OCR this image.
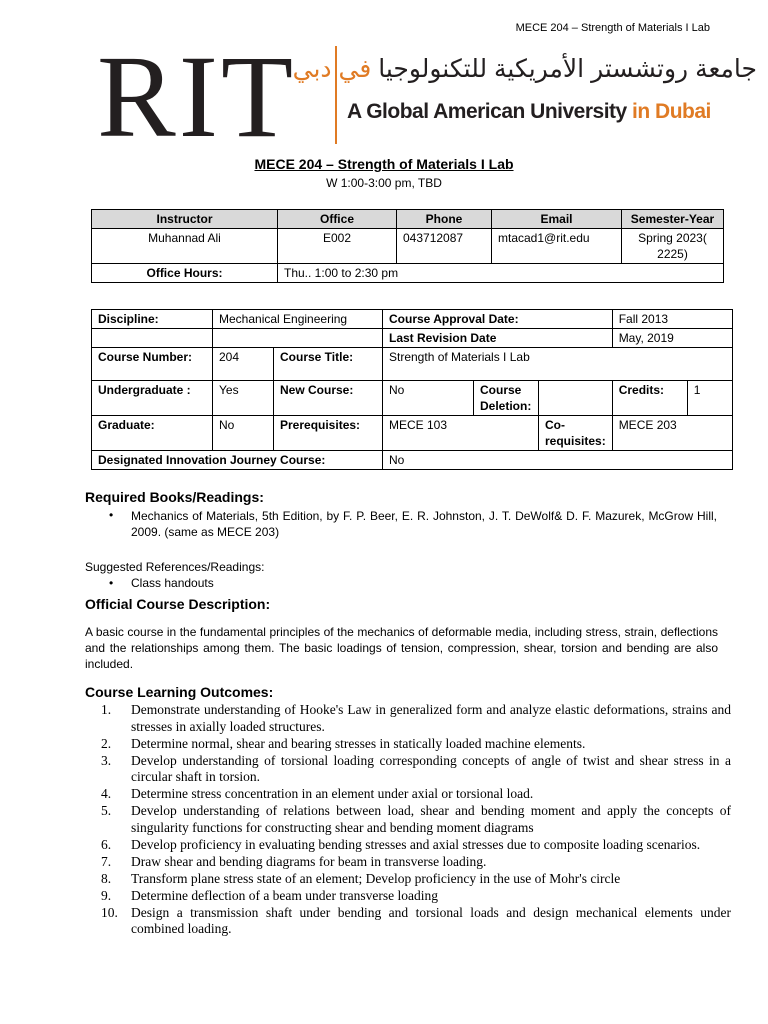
MECE 204 – Strength of Materials I Lab
RIT	جامعة روتشستر الأمريكية للتكنولوجيا في دبي
A Global American University in Dubai
MECE 204 – Strength of Materials I Lab
W 1:00-3:00 pm, TBD
Instructor	Office	Phone	Email	Semester-Year
Muhannad Ali	E002	043712087	mtacad1@rit.edu	Spring 2023( 2225)
Office Hours:	Thu.. 1:00 to 2:30 pm			
Discipline:	Mechanical Engineering		Course Approval Date:			Fall 2013	
			Last Revision Date			May, 2019	
Course Number:	204	Course Title:	Strength of Materials I Lab				
Undergraduate :	Yes	New Course:	No	Course Deletion:		Credits:	1
Graduate:	No	Prerequisites:	MECE 103		Co-requisites:	MECE 203	
Designated Innovation Journey Course:			No				
Required Books/Readings:
•	Mechanics of Materials, 5th Edition, by F. P. Beer, E. R. Johnston, J. T. DeWolf& D. F. Mazurek, McGrow Hill, 2009. (same as MECE 203)
Suggested References/Readings:
• Class handouts
Official Course Description:
A basic course in the fundamental principles of the mechanics of deformable media, including stress, strain, deflections and the relationships among them. The basic loadings of tension, compression, shear, torsion and bending are also included.
Course Learning Outcomes:
1.	Demonstrate understanding of Hooke's Law in generalized form and analyze elastic deformations, strains and stresses in axially loaded structures.
2.	Determine normal, shear and bearing stresses in statically loaded machine elements.
3.	Develop understanding of torsional loading corresponding concepts of angle of twist and shear stress in a circular shaft in torsion.
4.	Determine stress concentration in an element under axial or torsional load.
5.	Develop understanding of relations between load, shear and bending moment and apply the concepts of singularity functions for constructing shear and bending moment diagrams
6.	Develop proficiency in evaluating bending stresses and axial stresses due to composite loading scenarios.
7.	Draw shear and bending diagrams for beam in transverse loading.
8.	Transform plane stress state of an element; Develop proficiency in the use of Mohr's circle
9.	Determine deflection of a beam under transverse loading
10. Design a transmission shaft under bending and torsional loads and design mechanical elements under combined loading.
